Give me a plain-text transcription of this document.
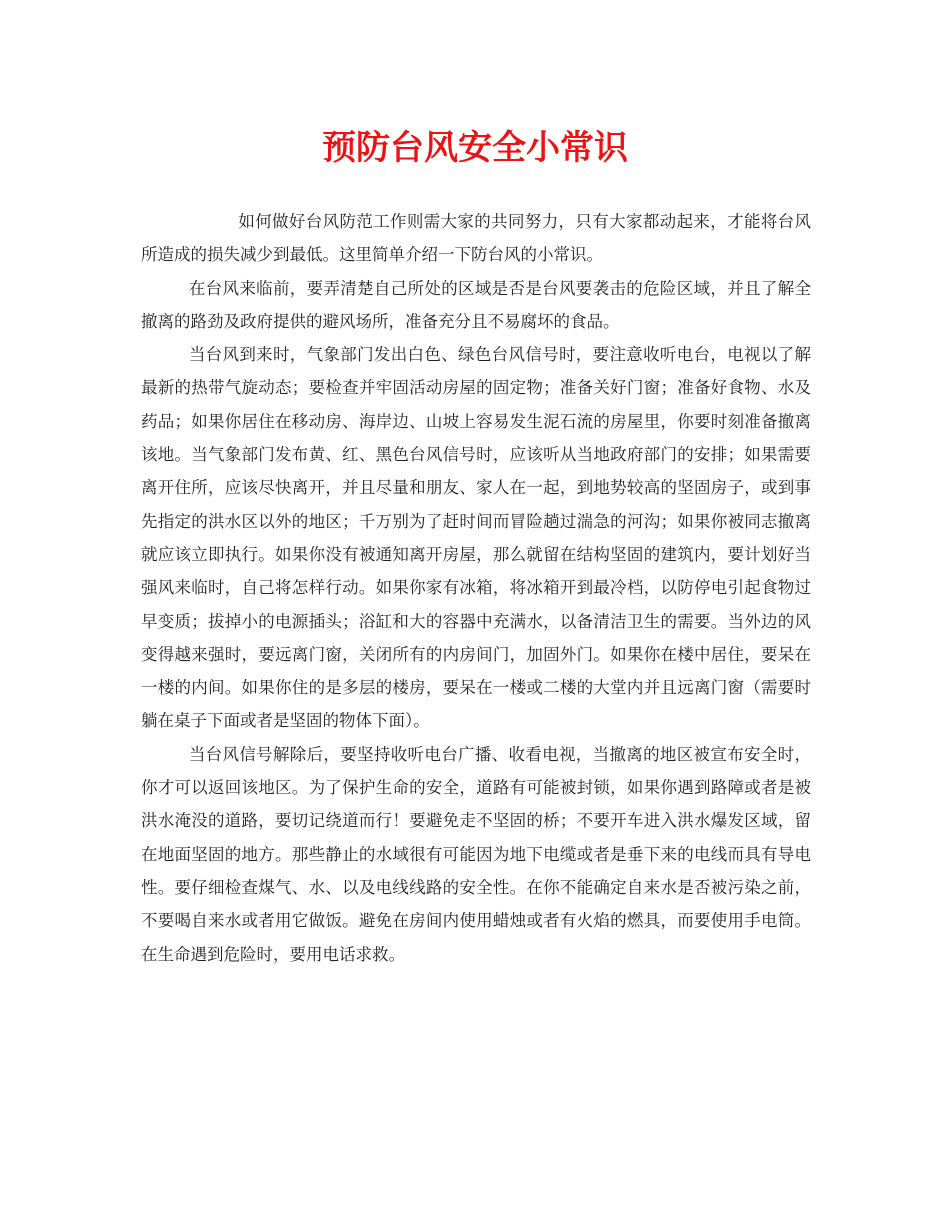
预防台风安全小常识

如何做好台风防范工作则需大家的共同努力，只有大家都动起来，才能将台风所造成的损失减少到最低。这里简单介绍一下防台风的小常识。

在台风来临前，要弄清楚自己所处的区域是否是台风要袭击的危险区域，并且了解全撤离的路劲及政府提供的避风场所，准备充分且不易腐坏的食品。

当台风到来时，气象部门发出白色、绿色台风信号时，要注意收听电台，电视以了解最新的热带气旋动态；要检查并牢固活动房屋的固定物；准备关好门窗；准备好食物、水及药品；如果你居住在移动房、海岸边、山坡上容易发生泥石流的房屋里，你要时刻准备撤离该地。当气象部门发布黄、红、黑色台风信号时，应该听从当地政府部门的安排；如果需要离开住所，应该尽快离开，并且尽量和朋友、家人在一起，到地势较高的坚固房子，或到事先指定的洪水区以外的地区；千万别为了赶时间而冒险趟过湍急的河沟；如果你被同志撤离就应该立即执行。如果你没有被通知离开房屋，那么就留在结构坚固的建筑内，要计划好当强风来临时，自己将怎样行动。如果你家有冰箱，将冰箱开到最冷档，以防停电引起食物过早变质；拔掉小的电源插头；浴缸和大的容器中充满水，以备清洁卫生的需要。当外边的风变得越来强时，要远离门窗，关闭所有的内房间门，加固外门。如果你在楼中居住，要呆在一楼的内间。如果你住的是多层的楼房，要呆在一楼或二楼的大堂内并且远离门窗（需要时躺在桌子下面或者是坚固的物体下面）。

当台风信号解除后，要坚持收听电台广播、收看电视，当撤离的地区被宣布安全时，你才可以返回该地区。为了保护生命的安全，道路有可能被封锁，如果你遇到路障或者是被洪水淹没的道路，要切记绕道而行！要避免走不坚固的桥；不要开车进入洪水爆发区域，留在地面坚固的地方。那些静止的水域很有可能因为地下电缆或者是垂下来的电线而具有导电性。要仔细检查煤气、水、以及电线线路的安全性。在你不能确定自来水是否被污染之前，不要喝自来水或者用它做饭。避免在房间内使用蜡烛或者有火焰的燃具，而要使用手电筒。在生命遇到危险时，要用电话求救。
